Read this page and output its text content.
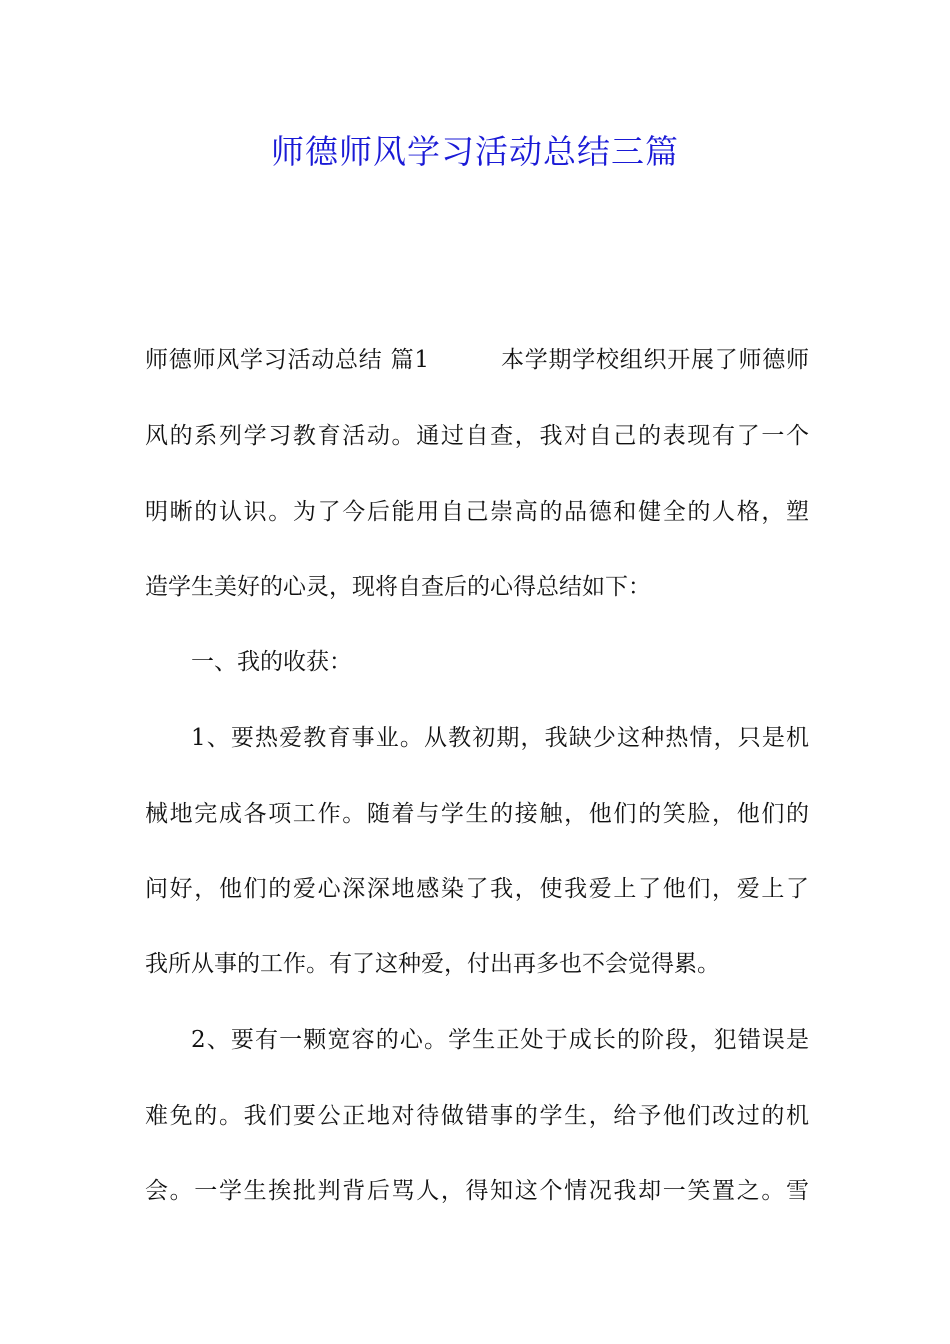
师德师风学习活动总结三篇
师德师风学习活动总结 篇1　　　本学期学校组织开展了师德师
风的系列学习教育活动。通过自查，我对自己的表现有了一个
明晰的认识。为了今后能用自己崇高的品德和健全的人格，塑
造学生美好的心灵，现将自查后的心得总结如下：
一、我的收获：
1、要热爱教育事业。从教初期，我缺少这种热情，只是机
械地完成各项工作。随着与学生的接触，他们的笑脸，他们的
问好，他们的爱心深深地感染了我，使我爱上了他们，爱上了
我所从事的工作。有了这种爱，付出再多也不会觉得累。
2、要有一颗宽容的心。学生正处于成长的阶段，犯错误是
难免的。我们要公正地对待做错事的学生，给予他们改过的机
会。一学生挨批判背后骂人，得知这个情况我却一笑置之。雪
